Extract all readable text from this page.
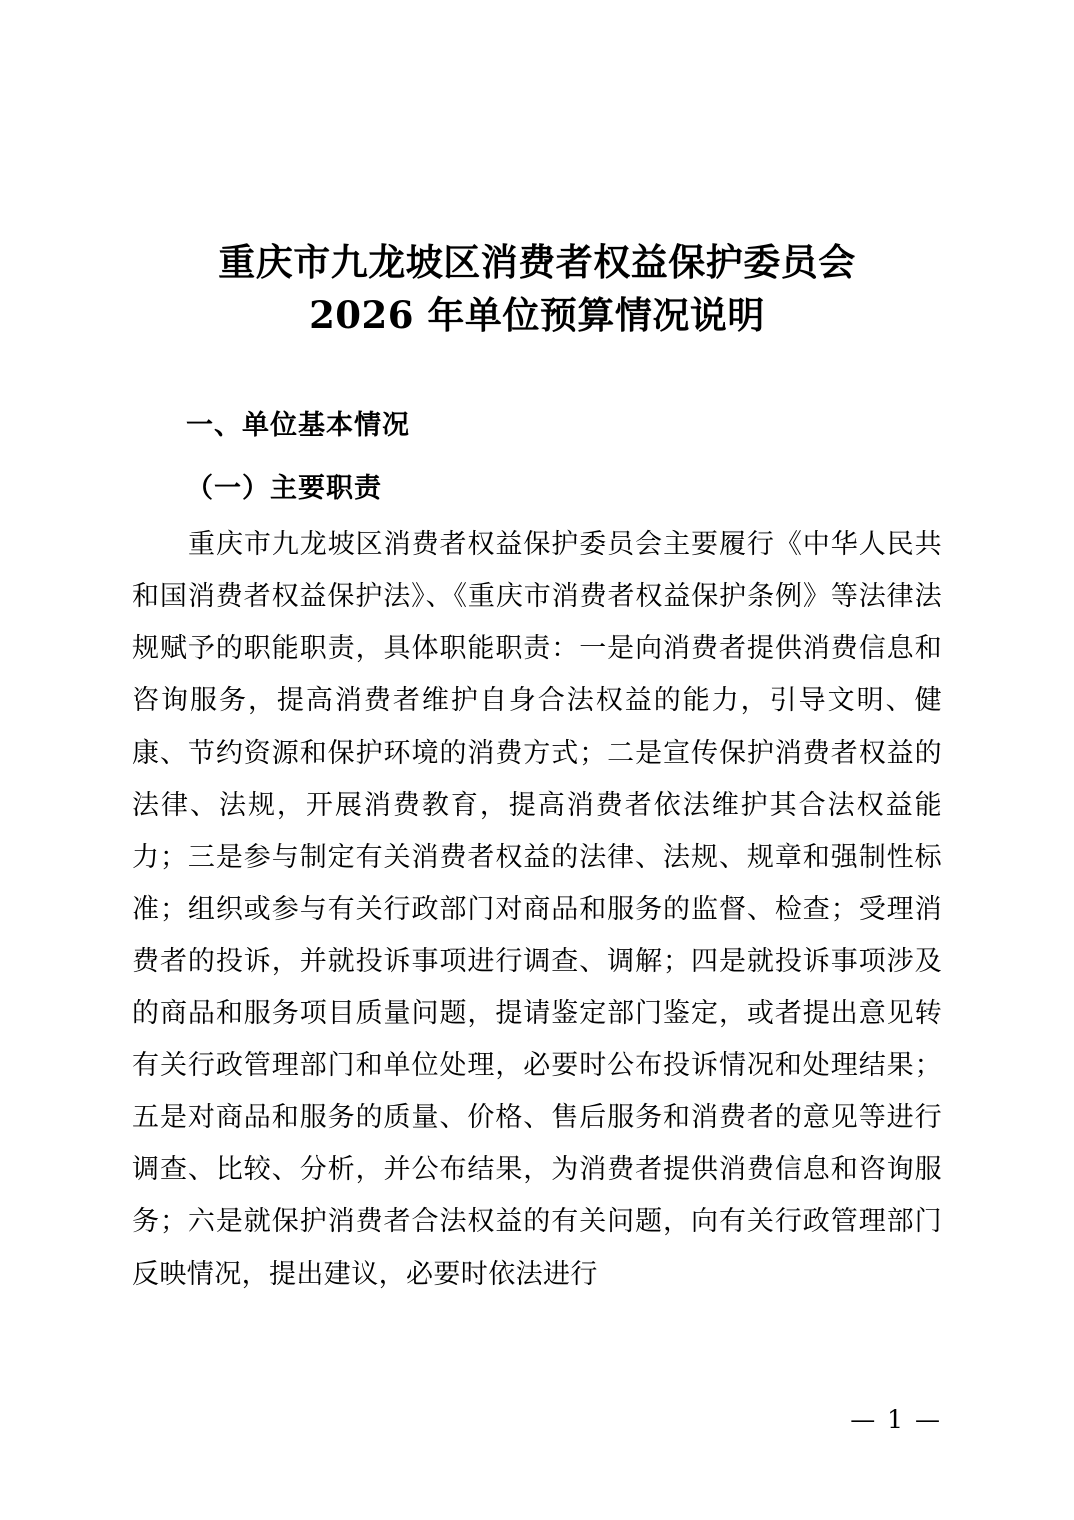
重庆市九龙坡区消费者权益保护委员会
2026 年单位预算情况说明
一、单位基本情况
（一）主要职责

重庆市九龙坡区消费者权益保护委员会主要履行《中华人民共和国消费者权益保护法》、《重庆市消费者权益保护条例》等法律法规赋予的职能职责，具体职能职责：一是向消费者提供消费信息和咨询服务，提高消费者维护自身合法权益的能力，引导文明、健康、节约资源和保护环境的消费方式；二是宣传保护消费者权益的法律、法规，开展消费教育，提高消费者依法维护其合法权益能力；三是参与制定有关消费者权益的法律、法规、规章和强制性标准；组织或参与有关行政部门对商品和服务的监督、检查；受理消费者的投诉，并就投诉事项进行调查、调解；四是就投诉事项涉及的商品和服务项目质量问题，提请鉴定部门鉴定，或者提出意见转有关行政管理部门和单位处理，必要时公布投诉情况和处理结果；五是对商品和服务的质量、价格、售后服务和消费者的意见等进行调查、比较、分析，并公布结果，为消费者提供消费信息和咨询服务；六是就保护消费者合法权益的有关问题，向有关行政管理部门反映情况，提出建议，必要时依法进行

— 1 —
